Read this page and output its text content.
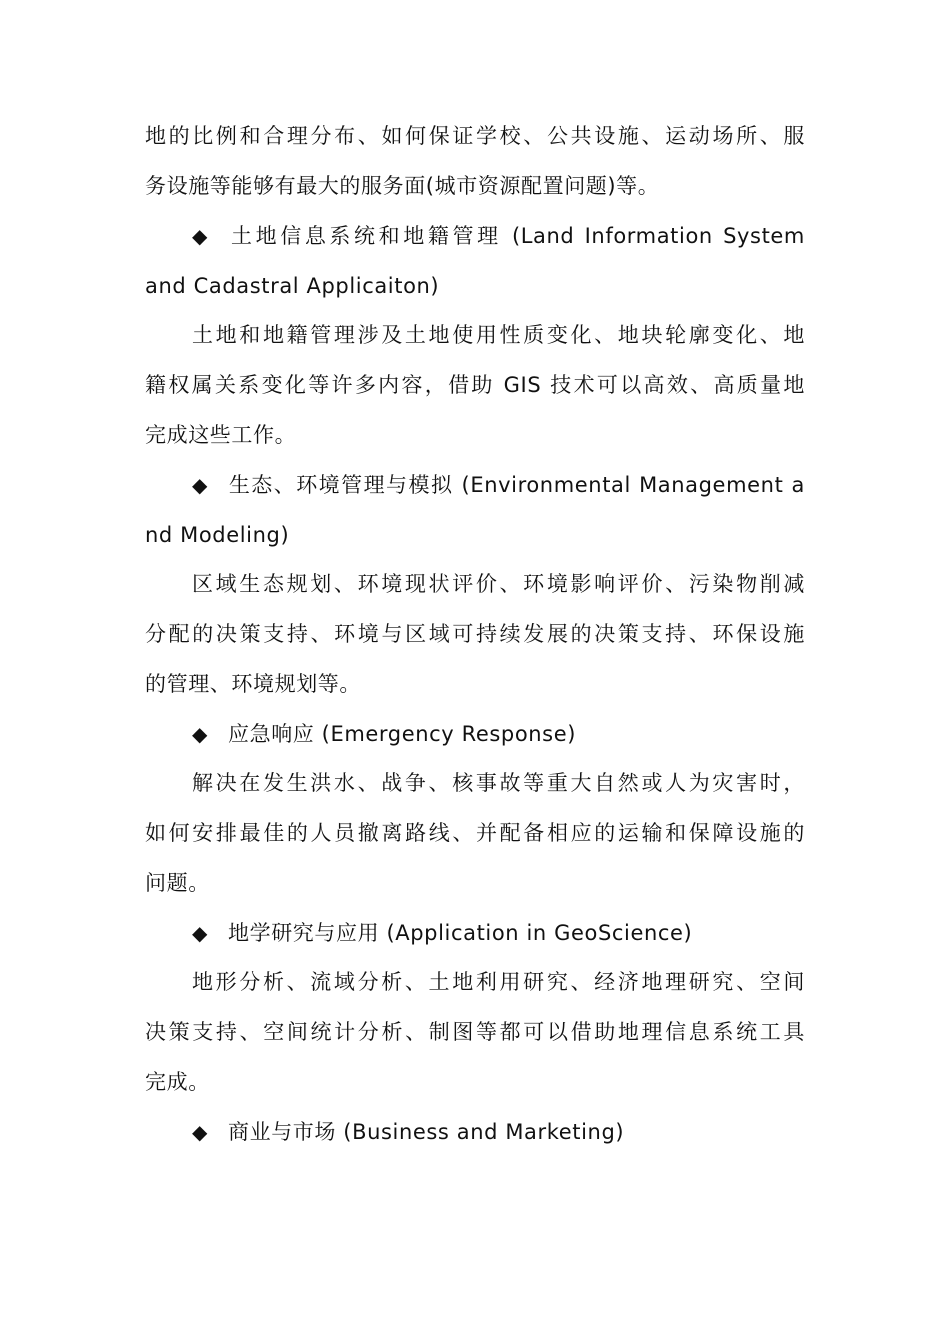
地的比例和合理分布、如何保证学校、公共设施、运动场所、服
务设施等能够有最大的服务面(城市资源配置问题)等。
◆ 土地信息系统和地籍管理 (Land Information System
and Cadastral Applicaiton)
土地和地籍管理涉及土地使用性质变化、地块轮廓变化、地
籍权属关系变化等许多内容，借助 GIS 技术可以高效、高质量地
完成这些工作。
◆ 生态、环境管理与模拟 (Environmental Management a
nd Modeling)
区域生态规划、环境现状评价、环境影响评价、污染物削减
分配的决策支持、环境与区域可持续发展的决策支持、环保设施
的管理、环境规划等。
◆ 应急响应 (Emergency Response)
解决在发生洪水、战争、核事故等重大自然或人为灾害时，
如何安排最佳的人员撤离路线、并配备相应的运输和保障设施的
问题。
◆ 地学研究与应用 (Application in GeoScience)
地形分析、流域分析、土地利用研究、经济地理研究、空间
决策支持、空间统计分析、制图等都可以借助地理信息系统工具
完成。
◆ 商业与市场 (Business and Marketing)
